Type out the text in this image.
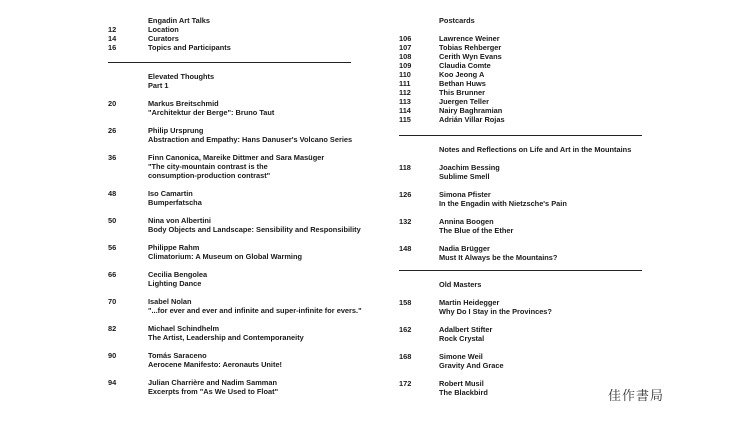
Engadin Art Talks
12	Location
14	Curators
16	Topics and Participants
Elevated Thoughts
Part 1
20	Markus Breitschmid
"Architektur der Berge": Bruno Taut
26	Philip Ursprung
Abstraction and Empathy: Hans Danuser's Volcano Series
36	Finn Canonica, Mareike Dittmer and Sara Masüger
"The city-mountain contrast is the
consumption-production contrast"
48	Iso Camartin
Bumperfatscha
50	Nina von Albertini
Body Objects and Landscape: Sensibility and Responsibility
56	Philippe Rahm
Climatorium: A Museum on Global Warming
66	Cecilia Bengolea
Lighting Dance
70	Isabel Nolan
"...for ever and ever and infinite and super-infinite for evers."
82	Michael Schindhelm
The Artist, Leadership and Contemporaneity
90	Tomás Saraceno
Aerocene Manifesto: Aeronauts Unite!
94	Julian Charrière and Nadim Samman
Excerpts from "As We Used to Float"
Postcards
106	Lawrence Weiner
107	Tobias Rehberger
108	Cerith Wyn Evans
109	Claudia Comte
110	Koo Jeong A
111	Bethan Huws
112	This Brunner
113	Juergen Teller
114	Nairy Baghramian
115	Adrián Villar Rojas
Notes and Reflections on Life and Art in the Mountains
118	Joachim Bessing
Sublime Smell
126	Simona Pfister
In the Engadin with Nietzsche's Pain
132	Annina Boogen
The Blue of the Ether
148	Nadia Brügger
Must It Always be the Mountains?
Old Masters
158	Martin Heidegger
Why Do I Stay in the Provinces?
162	Adalbert Stifter
Rock Crystal
168	Simone Weil
Gravity And Grace
172	Robert Musil
The Blackbird	佳作書局
